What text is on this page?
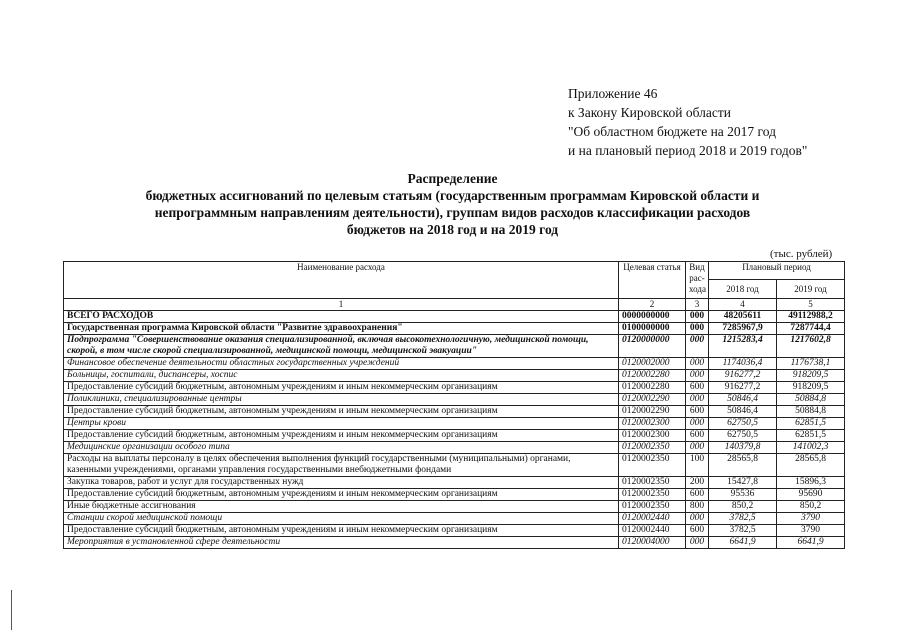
Приложение 46
к Закону Кировской области
"Об областном бюджете на 2017 год
и на плановый период 2018 и 2019 годов"
Распределение
бюджетных ассигнований по целевым статьям (государственным программам Кировской области и
непрограммным направлениям деятельности), группам видов расходов классификации расходов
бюджетов на 2018 год и на 2019 год
(тыс. рублей)
Наименование расхода	Целевая статья	Вид рас-хода	Плановый период	
			2018 год	2019 год
1	2	3	4	5
ВСЕГО РАСХОДОВ	0000000000	000	48205611	49112988,2
Государственная программа Кировской области "Развитие здравоохранения"	0100000000	000	7285967,9	7287744,4
Подпрограмма "Совершенствование оказания специализированной, включая высокотехнологичную, медицинской помощи, скорой, в том числе скорой специализированной, медицинской помощи, медицинской эвакуации"	0120000000	000	1215283,4	1217602,8
Финансовое обеспечение деятельности областных государственных учреждений	0120002000	000	1174036,4	1176738,1
Больницы, госпитали, диспансеры, хоспис	0120002280	000	916277,2	918209,5
Предоставление субсидий бюджетным, автономным учреждениям и иным некоммерческим организациям	0120002280	600	916277,2	918209,5
Поликлиники, специализированные центры	0120002290	000	50846,4	50884,8
Предоставление субсидий бюджетным, автономным учреждениям и иным некоммерческим организациям	0120002290	600	50846,4	50884,8
Центры крови	0120002300	000	62750,5	62851,5
Предоставление субсидий бюджетным, автономным учреждениям и иным некоммерческим организациям	0120002300	600	62750,5	62851,5
Медицинские организации особого типа	0120002350	000	140379,8	141002,3
Расходы на выплаты персоналу в целях обеспечения выполнения функций государственными (муниципальными) органами, казенными учреждениями, органами управления государственными внебюджетными фондами	0120002350	100	28565,8	28565,8
Закупка товаров, работ и услуг для государственных нужд	0120002350	200	15427,8	15896,3
Предоставление субсидий бюджетным, автономным учреждениям и иным некоммерческим организациям	0120002350	600	95536	95690
Иные бюджетные ассигнования	0120002350	800	850,2	850,2
Станции скорой медицинской помощи	0120002440	000	3782,5	3790
Предоставление субсидий бюджетным, автономным учреждениям и иным некоммерческим организациям	0120002440	600	3782,5	3790
Мероприятия в установленной сфере деятельности	0120004000	000	6641,9	6641,9
